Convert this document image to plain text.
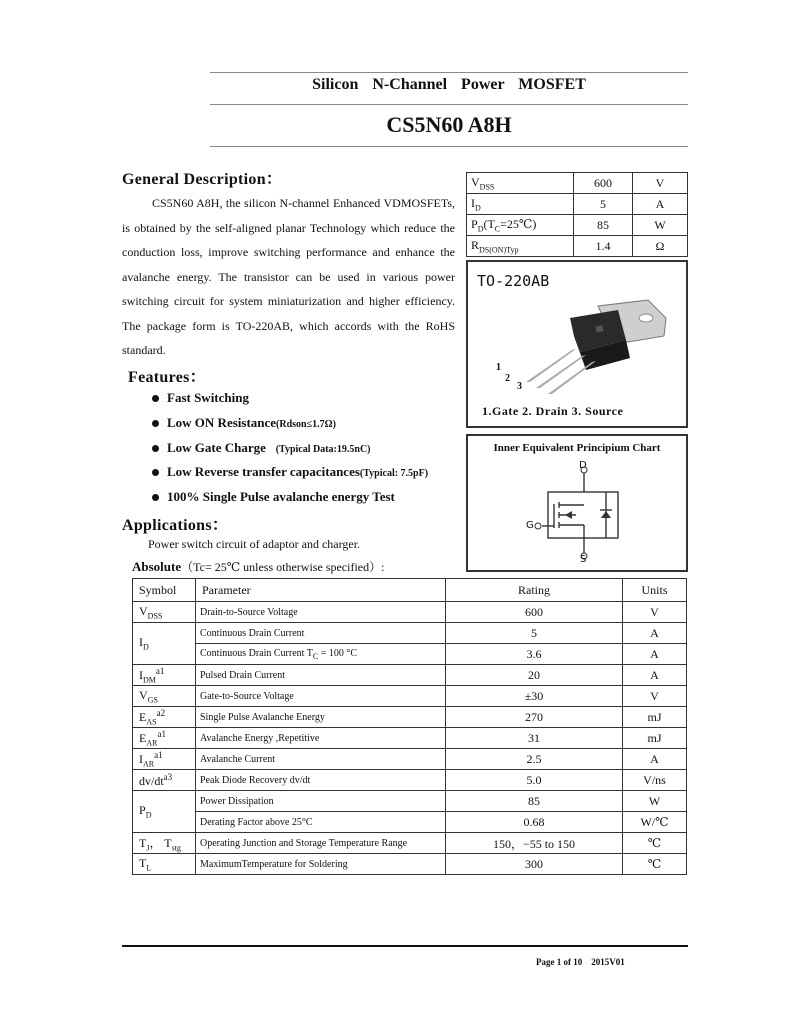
Silicon N-Channel Power MOSFET
CS5N60 A8H
General Description：

CS5N60 A8H, the silicon N-channel Enhanced VDMOSFETs, is obtained by the self-aligned planar Technology which reduce the conduction loss, improve switching performance and enhance the avalanche energy. The transistor can be used in various power switching circuit for system miniaturization and higher efficiency. The package form is TO-220AB, which accords with the RoHS standard.

$V_{DSS}$	600	V
$I_D$	5	A
$P_D(T_C=25℃)$	85	W
$R_{DS(ON)Typ}$	1.4	Ω
TO-220AB
1
2
3
1.Gate 2. Drain 3. Source
Inner Equivalent Principium Chart
D
G
S
Features：
Fast Switching
Low ON Resistance(Rdson≤1.7Ω)
Low Gate Charge (Typical Data:19.5nC)
Low Reverse transfer capacitances(Typical: 7.5pF)
100% Single Pulse avalanche energy Test
Applications：
Power switch circuit of adaptor and charger.
Absolute（Tc= 25℃ unless otherwise specified）:
Symbol	Parameter	Rating	Units
$V_{DSS}$	Drain-to-Source Voltage	600	V
$I_D$	Continuous Drain Current	5	A
	Continuous Drain Current $T_C = 100$ °C	3.6	A
$I_{DM}^{a1}$	Pulsed Drain Current	20	A
$V_{GS}$	Gate-to-Source Voltage	±30	V
$E_{AS}^{a2}$	Single Pulse Avalanche Energy	270	mJ
$E_{AR}^{a1}$	Avalanche Energy ,Repetitive	31	mJ
$I_{AR}^{a1}$	Avalanche Current	2.5	A
$dv/dt^{a3}$	Peak Diode Recovery dv/dt	5.0	V/ns
$P_D$	Power Dissipation	85	W
	Derating Factor above 25°C	0.68	W/℃
$T_J$， $T_{stg}$	Operating Junction and Storage Temperature Range	150，−55 to 150	℃
$T_L$	MaximumTemperature for Soldering	300	℃
Page 1 of 10 2015V01
